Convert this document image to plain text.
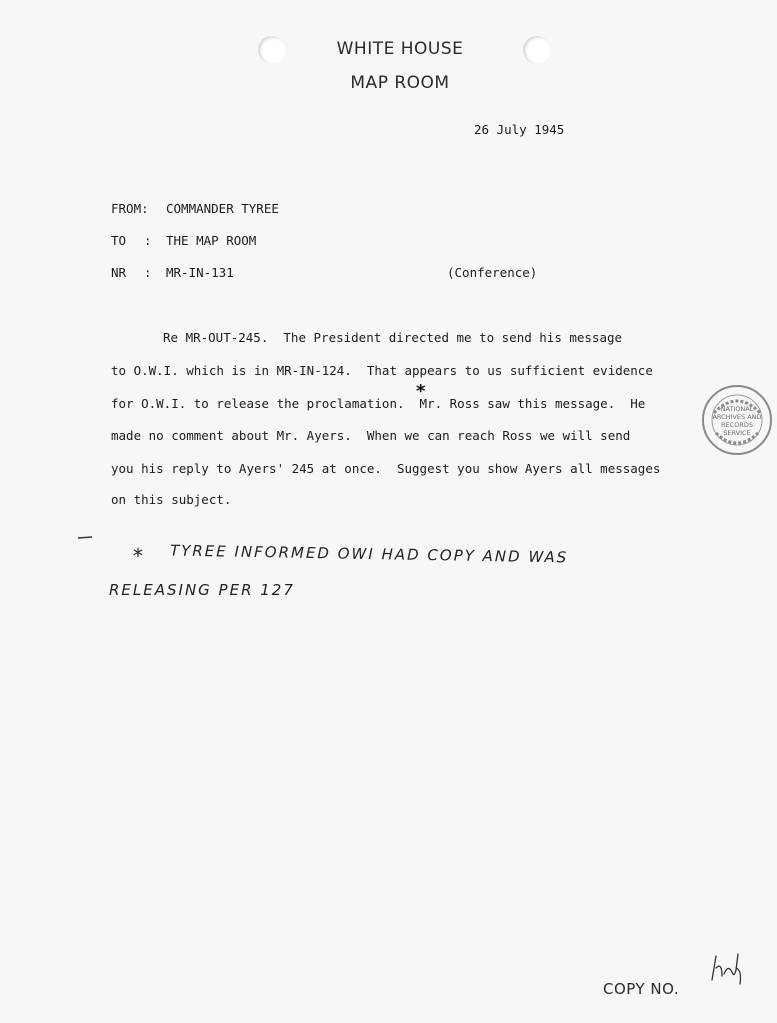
WHITE HOUSE
MAP ROOM
26 July 1945
FROM: COMMANDER TYREE
TO : THE MAP ROOM
NR : MR-IN-131	(Conference)
Re MR-OUT-245.  The President directed me to send his message
to O.W.I. which is in MR-IN-124.  That appears to us sufficient evidence
for O.W.I. to release the proclamation.  Mr. Ross saw this message.  He
made no comment about Mr. Ayers.  When we can reach Ross we will send
you his reply to Ayers' 245 at once.  Suggest you show Ayers all messages
on this subject.
*
NATIONAL ARCHIVES AND RECORDS SERVICE
* TYREE INFORMED OWI HAD COPY AND WAS
RELEASING PER 127
COPY NO.
